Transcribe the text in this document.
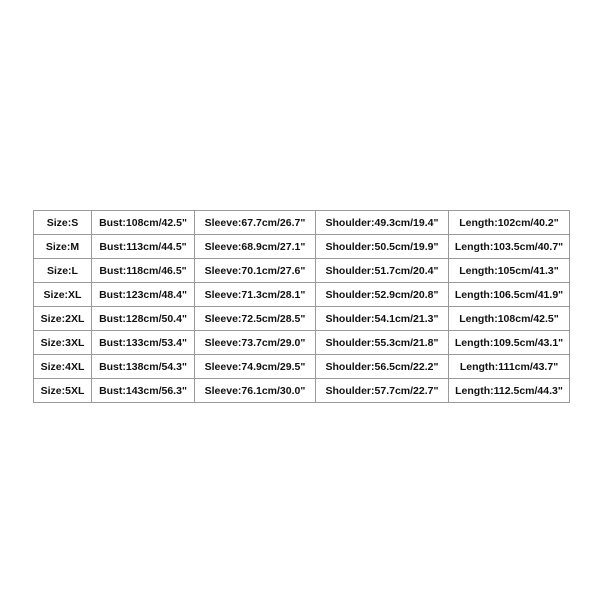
Size:S	Bust:108cm/42.5"	Sleeve:67.7cm/26.7"	Shoulder:49.3cm/19.4"	Length:102cm/40.2"
Size:M	Bust:113cm/44.5"	Sleeve:68.9cm/27.1"	Shoulder:50.5cm/19.9"	Length:103.5cm/40.7"
Size:L	Bust:118cm/46.5"	Sleeve:70.1cm/27.6"	Shoulder:51.7cm/20.4"	Length:105cm/41.3"
Size:XL	Bust:123cm/48.4"	Sleeve:71.3cm/28.1"	Shoulder:52.9cm/20.8"	Length:106.5cm/41.9"
Size:2XL	Bust:128cm/50.4"	Sleeve:72.5cm/28.5"	Shoulder:54.1cm/21.3"	Length:108cm/42.5"
Size:3XL	Bust:133cm/53.4"	Sleeve:73.7cm/29.0"	Shoulder:55.3cm/21.8"	Length:109.5cm/43.1"
Size:4XL	Bust:138cm/54.3"	Sleeve:74.9cm/29.5"	Shoulder:56.5cm/22.2"	Length:111cm/43.7"
Size:5XL	Bust:143cm/56.3"	Sleeve:76.1cm/30.0"	Shoulder:57.7cm/22.7"	Length:112.5cm/44.3"
